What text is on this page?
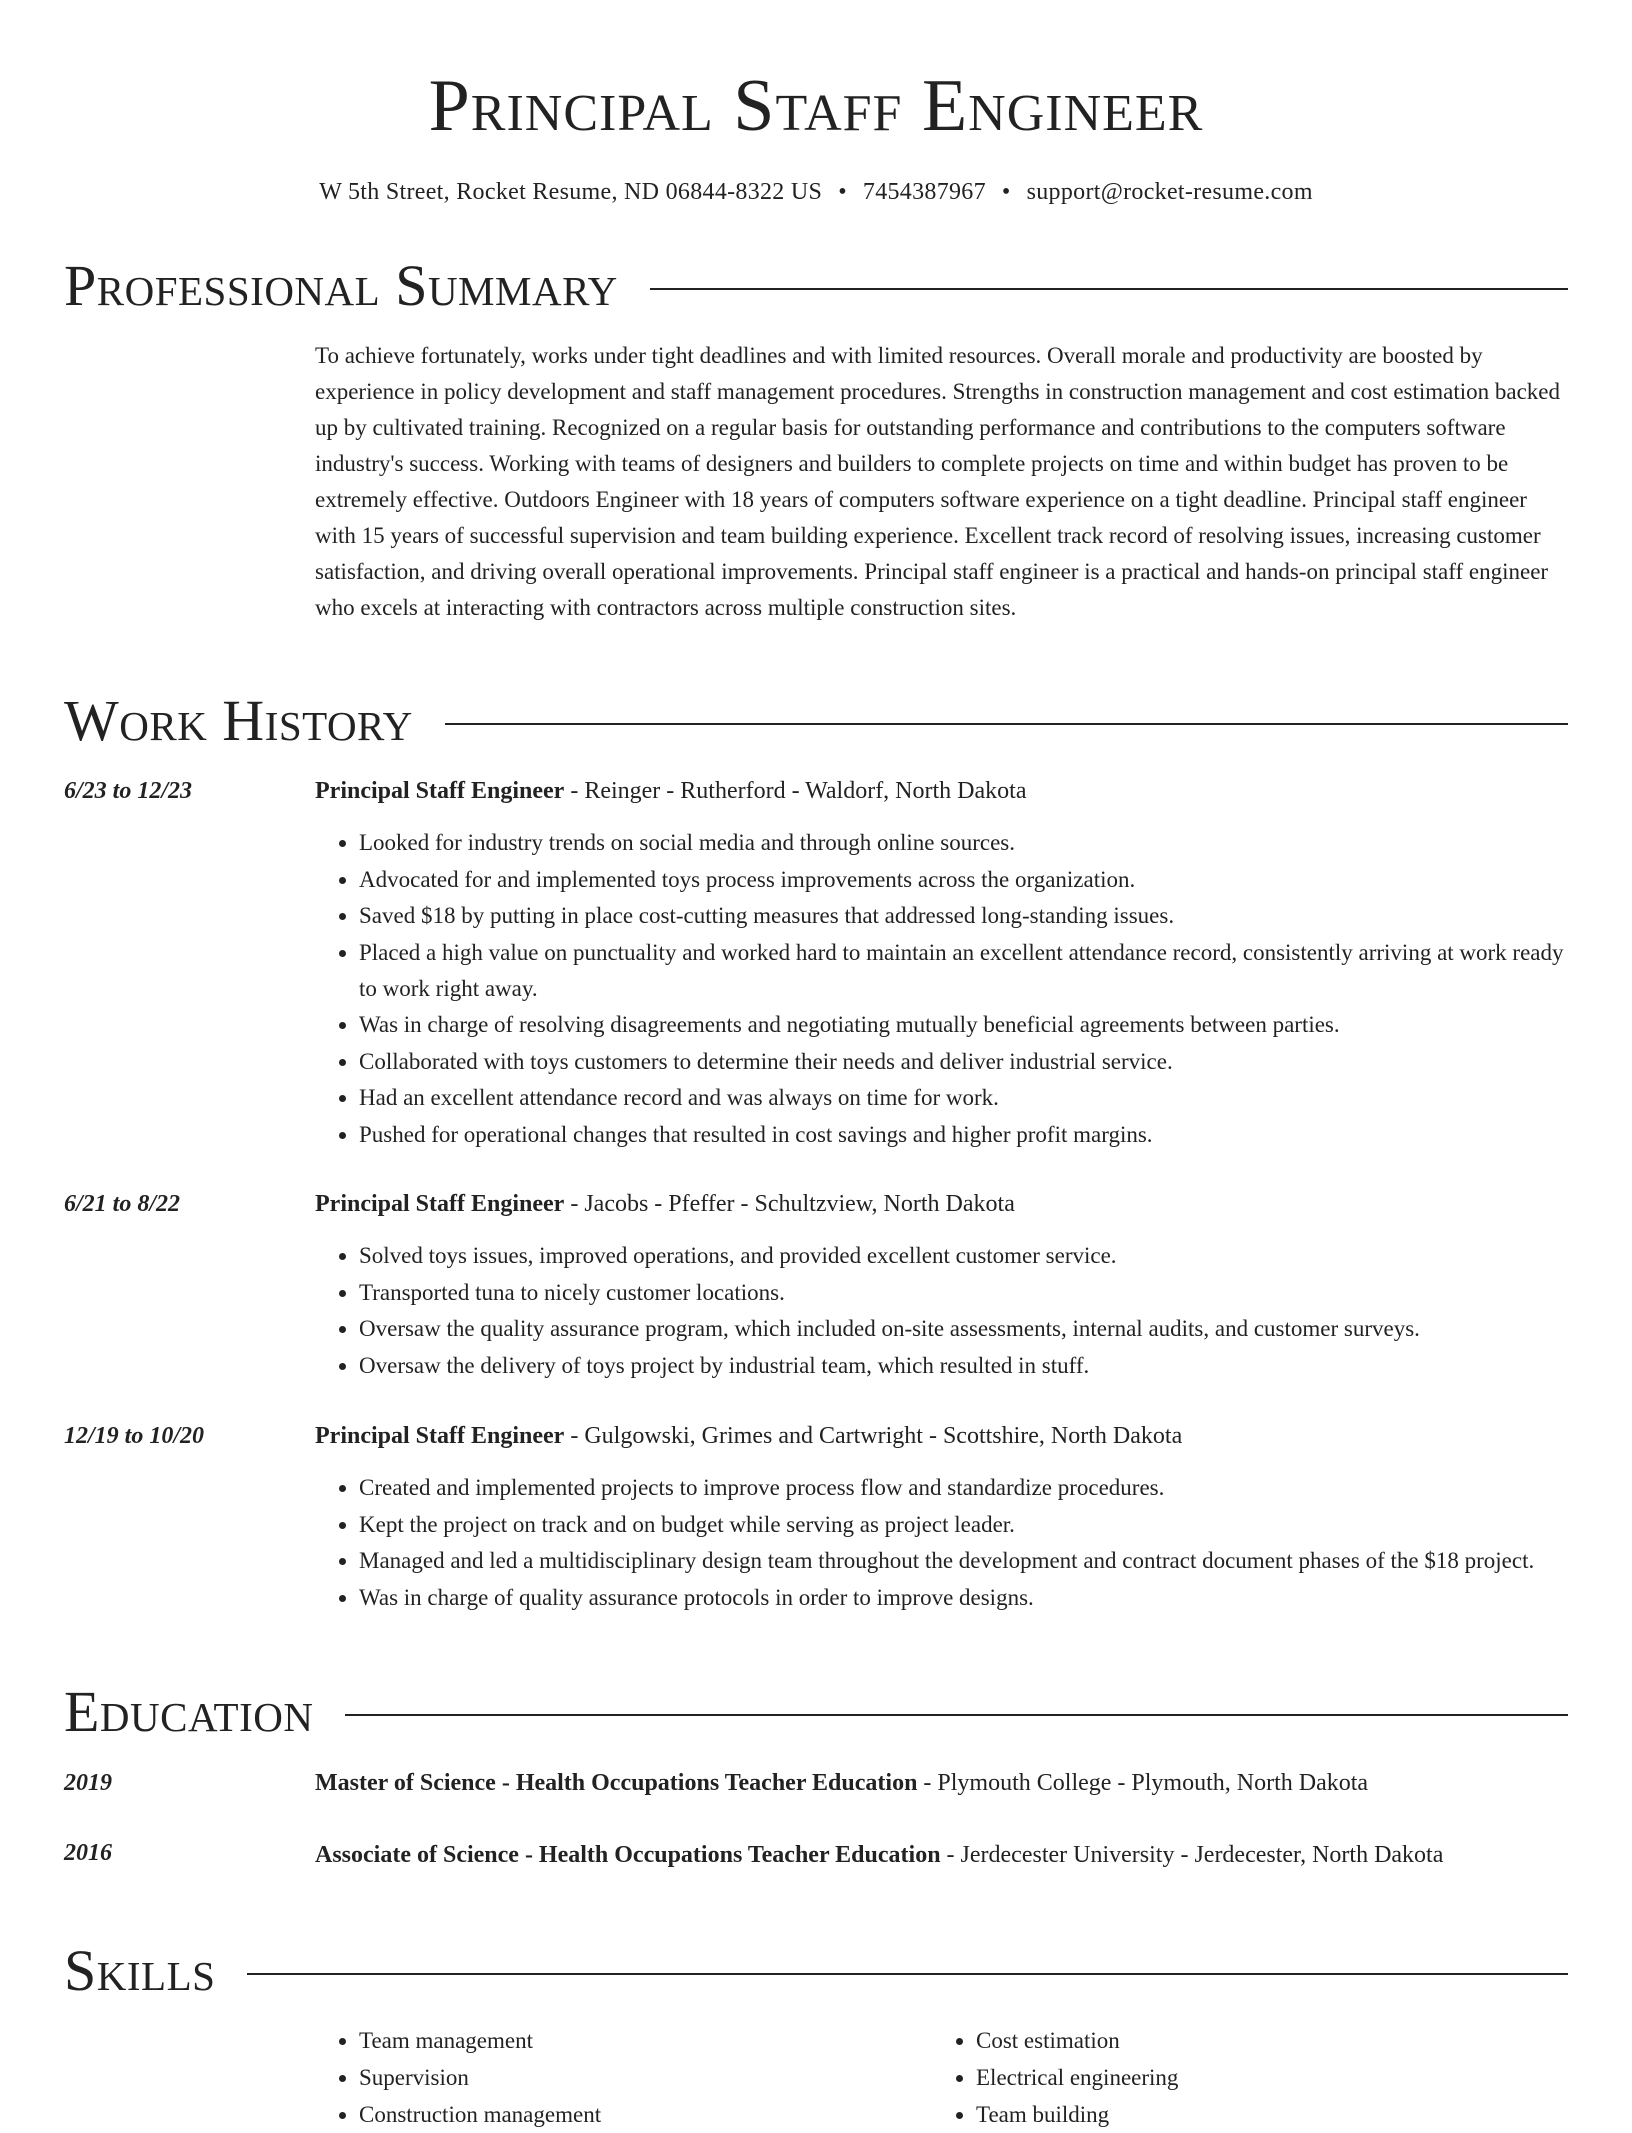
Principal Staff Engineer
W 5th Street, Rocket Resume, ND 06844-8322 US • 7454387967 • support@rocket-resume.com
Professional Summary

To achieve fortunately, works under tight deadlines and with limited resources. Overall morale and productivity are boosted by experience in policy development and staff management procedures. Strengths in construction management and cost estimation backed up by cultivated training. Recognized on a regular basis for outstanding performance and contributions to the computers software industry's success. Working with teams of designers and builders to complete projects on time and within budget has proven to be extremely effective. Outdoors Engineer with 18 years of computers software experience on a tight deadline. Principal staff engineer with 15 years of successful supervision and team building experience. Excellent track record of resolving issues, increasing customer satisfaction, and driving overall operational improvements. Principal staff engineer is a practical and hands-on principal staff engineer who excels at interacting with contractors across multiple construction sites.

Work History
6/23 to 12/23	Principal Staff Engineer - Reinger - Rutherford - Waldorf, North Dakota
• Looked for industry trends on social media and through online sources.
• Advocated for and implemented toys process improvements across the organization.
• Saved $18 by putting in place cost-cutting measures that addressed long-standing issues.
• Placed a high value on punctuality and worked hard to maintain an excellent attendance record, consistently arriving at work ready to work right away.
• Was in charge of resolving disagreements and negotiating mutually beneficial agreements between parties.
• Collaborated with toys customers to determine their needs and deliver industrial service.
• Had an excellent attendance record and was always on time for work.
• Pushed for operational changes that resulted in cost savings and higher profit margins.
6/21 to 8/22	Principal Staff Engineer - Jacobs - Pfeffer - Schultzview, North Dakota
• Solved toys issues, improved operations, and provided excellent customer service.
• Transported tuna to nicely customer locations.
• Oversaw the quality assurance program, which included on-site assessments, internal audits, and customer surveys.
• Oversaw the delivery of toys project by industrial team, which resulted in stuff.
12/19 to 10/20	Principal Staff Engineer - Gulgowski, Grimes and Cartwright - Scottshire, North Dakota
• Created and implemented projects to improve process flow and standardize procedures.
• Kept the project on track and on budget while serving as project leader.
• Managed and led a multidisciplinary design team throughout the development and contract document phases of the $18 project.
• Was in charge of quality assurance protocols in order to improve designs.
Education
2019	Master of Science - Health Occupations Teacher Education - Plymouth College - Plymouth, North Dakota
2016	Associate of Science - Health Occupations Teacher Education - Jerdecester University - Jerdecester, North Dakota
Skills
• Team management
• Supervision
• Construction management
• Cost estimation
• Electrical engineering
• Team building
